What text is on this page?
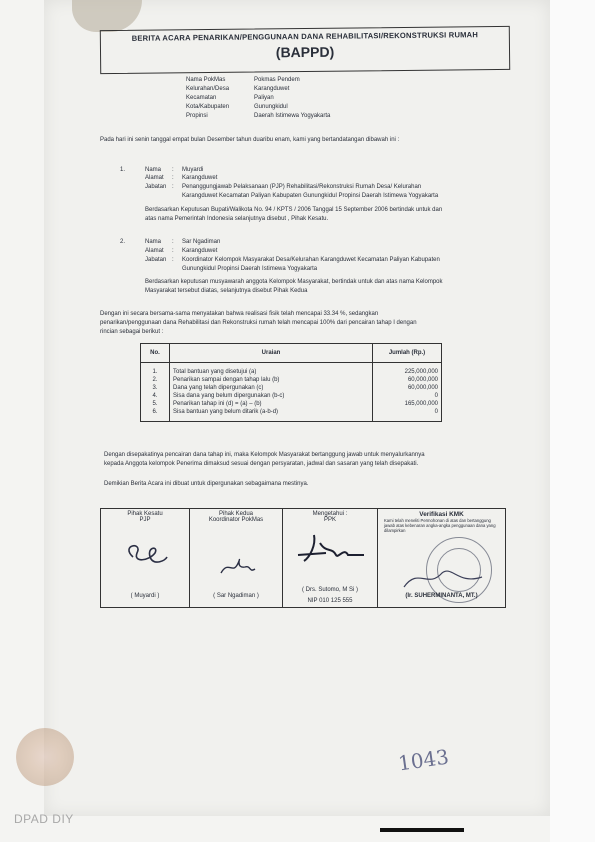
BERITA ACARA PENARIKAN/PENGGUNAAN DANA REHABILITASI/REKONSTRUKSI RUMAH
(BAPPD)
Nama PokMas	Pokmas Pendem
Kelurahan/Desa	Karangduwet
Kecamatan	Paliyan
Kota/Kabupaten	Gunungkidul
Propinsi	Daerah Istimewa Yogyakarta
Pada hari ini senin tanggal empat bulan Desember tahun duaribu enam, kami yang bertandatangan dibawah ini :
1.	Nama : Muyardi
Alamat : Karangduwet
Jabatan : Penanggungjawab Pelaksanaan (PJP) Rehabilitasi/Rekonstruksi Rumah Desa/ Kelurahan
Karangduwet Kecamatan Paliyan Kabupaten Gunungkidul Propinsi Daerah Istimewa Yogyakarta
Berdasarkan Keputusan Bupati/Walikota No. 94 / KPTS / 2006 Tanggal 15 September 2006 bertindak untuk dan
atas nama Pemerintah Indonesia selanjutnya disebut , Pihak Kesatu.
2.	Nama : Sar Ngadiman
Alamat : Karangduwet
Jabatan : Koordinator Kelompok Masyarakat Desa/Kelurahan Karangduwet Kecamatan Paliyan Kabupaten
Gunungkidul Propinsi Daerah Istimewa Yogyakarta
Berdasarkan keputusan musyawarah anggota Kelompok Masyarakat, bertindak untuk dan atas nama Kelompok
Masyarakat tersebut diatas, selanjutnya disebut Pihak Kedua
Dengan ini secara bersama-sama menyatakan bahwa realisasi fisik telah mencapai 33.34 %, sedangkan
penarikan/penggunaan dana Rehabilitasi dan Rekonstruksi rumah telah mencapai 100% dari pencairan tahap I dengan
rincian sebagai berikut :
No.	Uraian	Jumlah (Rp.)
1.	Total bantuan yang disetujui (a)	225,000,000
2.	Penarikan sampai dengan tahap lalu (b)	60,000,000
3.	Dana yang telah dipergunakan (c)	60,000,000
4.	Sisa dana yang belum dipergunakan (b-c)	0
5.	Penarikan tahap ini (d) = (a) – (b)	165,000,000
6.	Sisa bantuan yang belum ditarik (a-b-d)	0
Dengan disepakatinya pencairan dana tahap ini, maka Kelompok Masyarakat bertanggung jawab untuk menyalurkannya
kepada Anggota kelompok Penerima dimaksud sesuai dengan persyaratan, jadwal dan sasaran yang telah disepakati.
Demikian Berita Acara ini dibuat untuk dipergunakan sebagaimana mestinya.
Pihak Kesatu
PJP
( Muyardi )

Pihak Kedua
Koordinator PokMas
( Sar Ngadiman )

Mengetahui :
PPK
( Drs. Sutomo, M Si )
NIP 010 125 555

Verifikasi KMK
Kami telah meneliti Permohonan di atas dan bertanggung jawab atas kebenaran angka-angka penggunaan dana yang dilampirkan
(Ir. SUHERMINANTA, MT.)
1043
DPAD DIY
